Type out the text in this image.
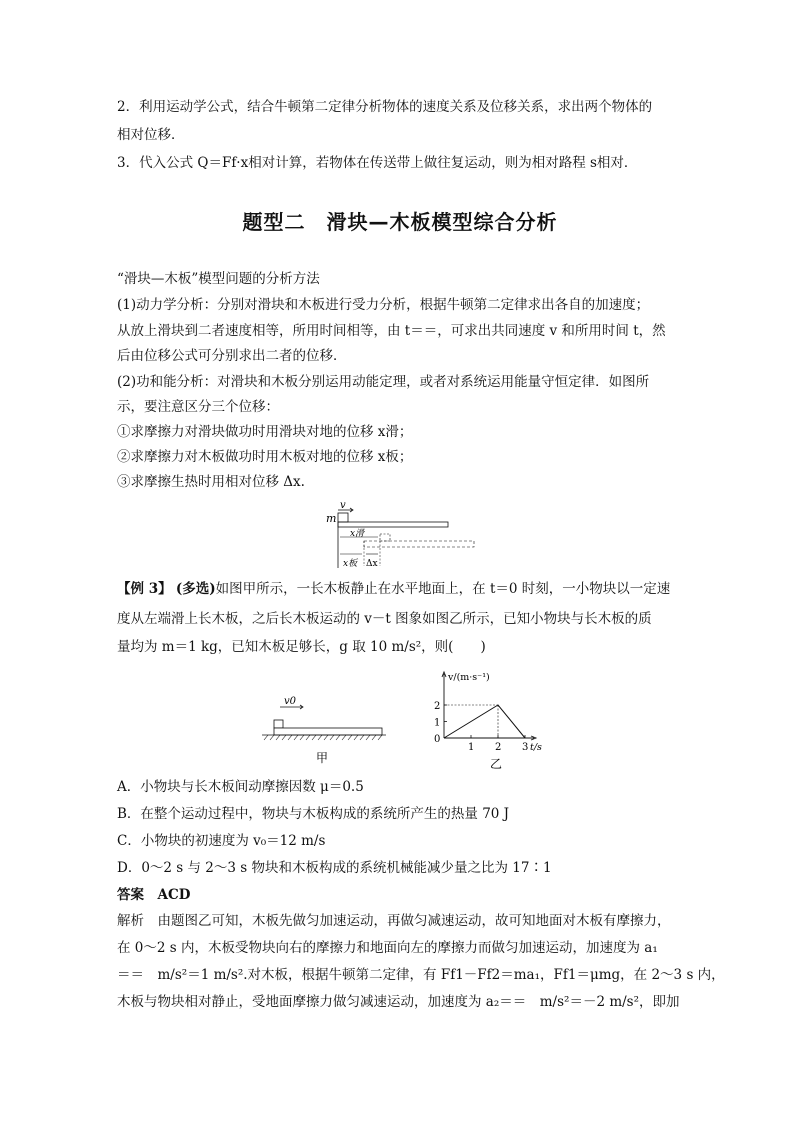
2．利用运动学公式，结合牛顿第二定律分析物体的速度关系及位移关系，求出两个物体的
相对位移．
3．代入公式 Q＝Ff·x相对计算，若物体在传送带上做往复运动，则为相对路程 s相对．
题型二　滑块—木板模型综合分析
“滑块—木板”模型问题的分析方法
(1)动力学分析：分别对滑块和木板进行受力分析，根据牛顿第二定律求出各自的加速度；
从放上滑块到二者速度相等，所用时间相等，由 t＝＝，可求出共同速度 v 和所用时间 t，然
后由位移公式可分别求出二者的位移．
(2)功和能分析：对滑块和木板分别运用动能定理，或者对系统运用能量守恒定律．如图所
示，要注意区分三个位移：
①求摩擦力对滑块做功时用滑块对地的位移 x滑；
②求摩擦力对木板做功时用木板对地的位移 x板；
③求摩擦生热时用相对位移 Δx.
m
v
x滑
x板 Δx
【例 3】 (多选)如图甲所示，一长木板静止在水平地面上，在 t＝0 时刻，一小物块以一定速
度从左端滑上长木板，之后长木板运动的 v－t 图象如图乙所示，已知小物块与长木板的质
量均为 m＝1 kg，已知木板足够长，g 取 10 m/s²，则(　　)
v0
甲
v/(m·s⁻¹)
t/s
2
1
0
1 2 3
乙
A．小物块与长木板间动摩擦因数 μ＝0.5
B．在整个运动过程中，物块与木板构成的系统所产生的热量 70 J
C．小物块的初速度为 v₀＝12 m/s
D．0～2 s 与 2～3 s 物块和木板构成的系统机械能减少量之比为 17∶1
答案　ACD
解析　由题图乙可知，木板先做匀加速运动，再做匀减速运动，故可知地面对木板有摩擦力，
在 0～2 s 内，木板受物块向右的摩擦力和地面向左的摩擦力而做匀加速运动，加速度为 a₁
＝＝　m/s²＝1 m/s².对木板，根据牛顿第二定律，有 Ff1－Ff2＝ma₁，Ff1＝μmg，在 2～3 s 内，
木板与物块相对静止，受地面摩擦力做匀减速运动，加速度为 a₂＝＝　m/s²＝－2 m/s²，即加
